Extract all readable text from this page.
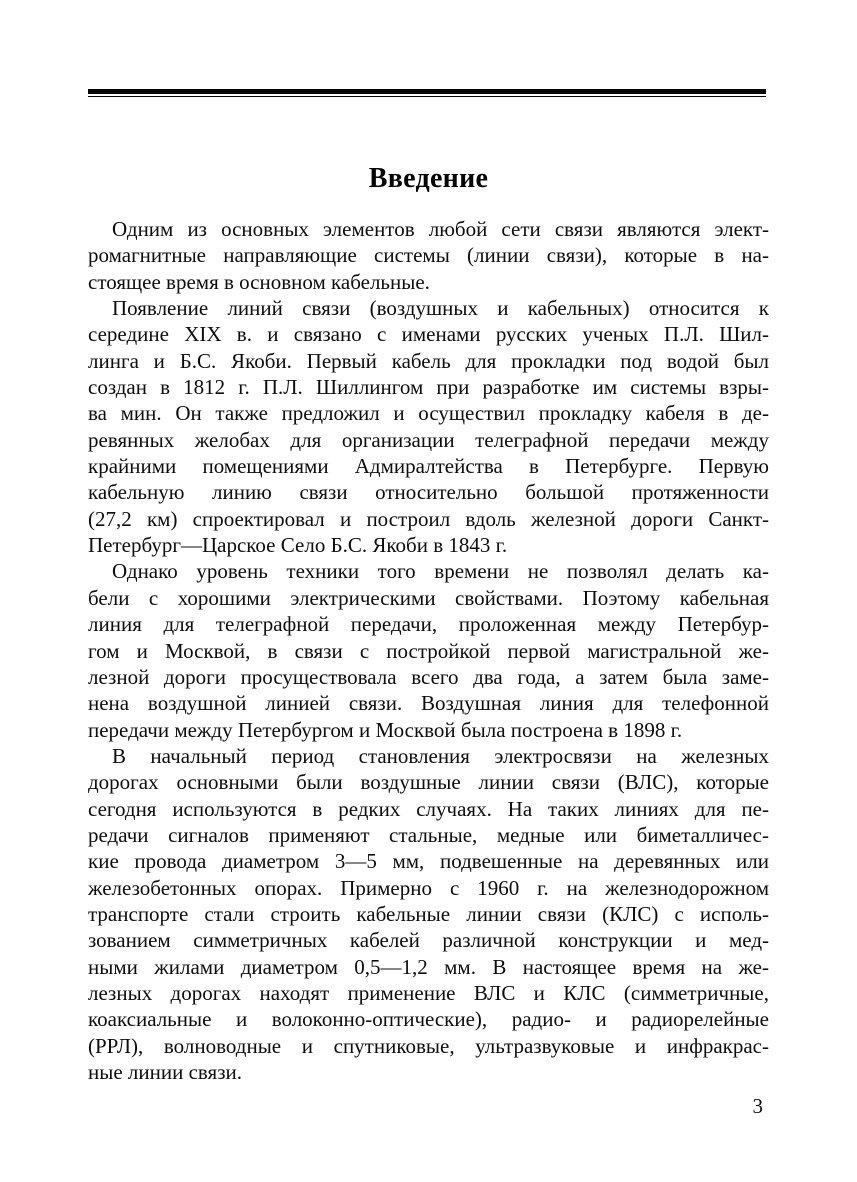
Введение
Одним из основных элементов любой сети связи являются элект-
ромагнитные направляющие системы (линии связи), которые в на-
стоящее время в основном кабельные.
Появление линий связи (воздушных и кабельных) относится к
середине XIX в. и связано с именами русских ученых П.Л. Шил-
линга и Б.С. Якоби. Первый кабель для прокладки под водой был
создан в 1812 г. П.Л. Шиллингом при разработке им системы взры-
ва мин. Он также предложил и осуществил прокладку кабеля в де-
ревянных желобах для организации телеграфной передачи между
крайними помещениями Адмиралтейства в Петербурге. Первую
кабельную линию связи относительно большой протяженности
(27,2 км) спроектировал и построил вдоль железной дороги Санкт-
Петербург—Царское Село Б.С. Якоби в 1843 г.
Однако уровень техники того времени не позволял делать ка-
бели с хорошими электрическими свойствами. Поэтому кабельная
линия для телеграфной передачи, проложенная между Петербур-
гом и Москвой, в связи с постройкой первой магистральной же-
лезной дороги просуществовала всего два года, а затем была заме-
нена воздушной линией связи. Воздушная линия для телефонной
передачи между Петербургом и Москвой была построена в 1898 г.
В начальный период становления электросвязи на железных
дорогах основными были воздушные линии связи (ВЛС), которые
сегодня используются в редких случаях. На таких линиях для пе-
редачи сигналов применяют стальные, медные или биметалличес-
кие провода диаметром 3—5 мм, подвешенные на деревянных или
железобетонных опорах. Примерно с 1960 г. на железнодорожном
транспорте стали строить кабельные линии связи (КЛС) с исполь-
зованием симметричных кабелей различной конструкции и мед-
ными жилами диаметром 0,5—1,2 мм. В настоящее время на же-
лезных дорогах находят применение ВЛС и КЛС (симметричные,
коаксиальные и волоконно-оптические), радио- и радиорелейные
(РРЛ), волноводные и спутниковые, ультразвуковые и инфракрас-
ные линии связи.
3
